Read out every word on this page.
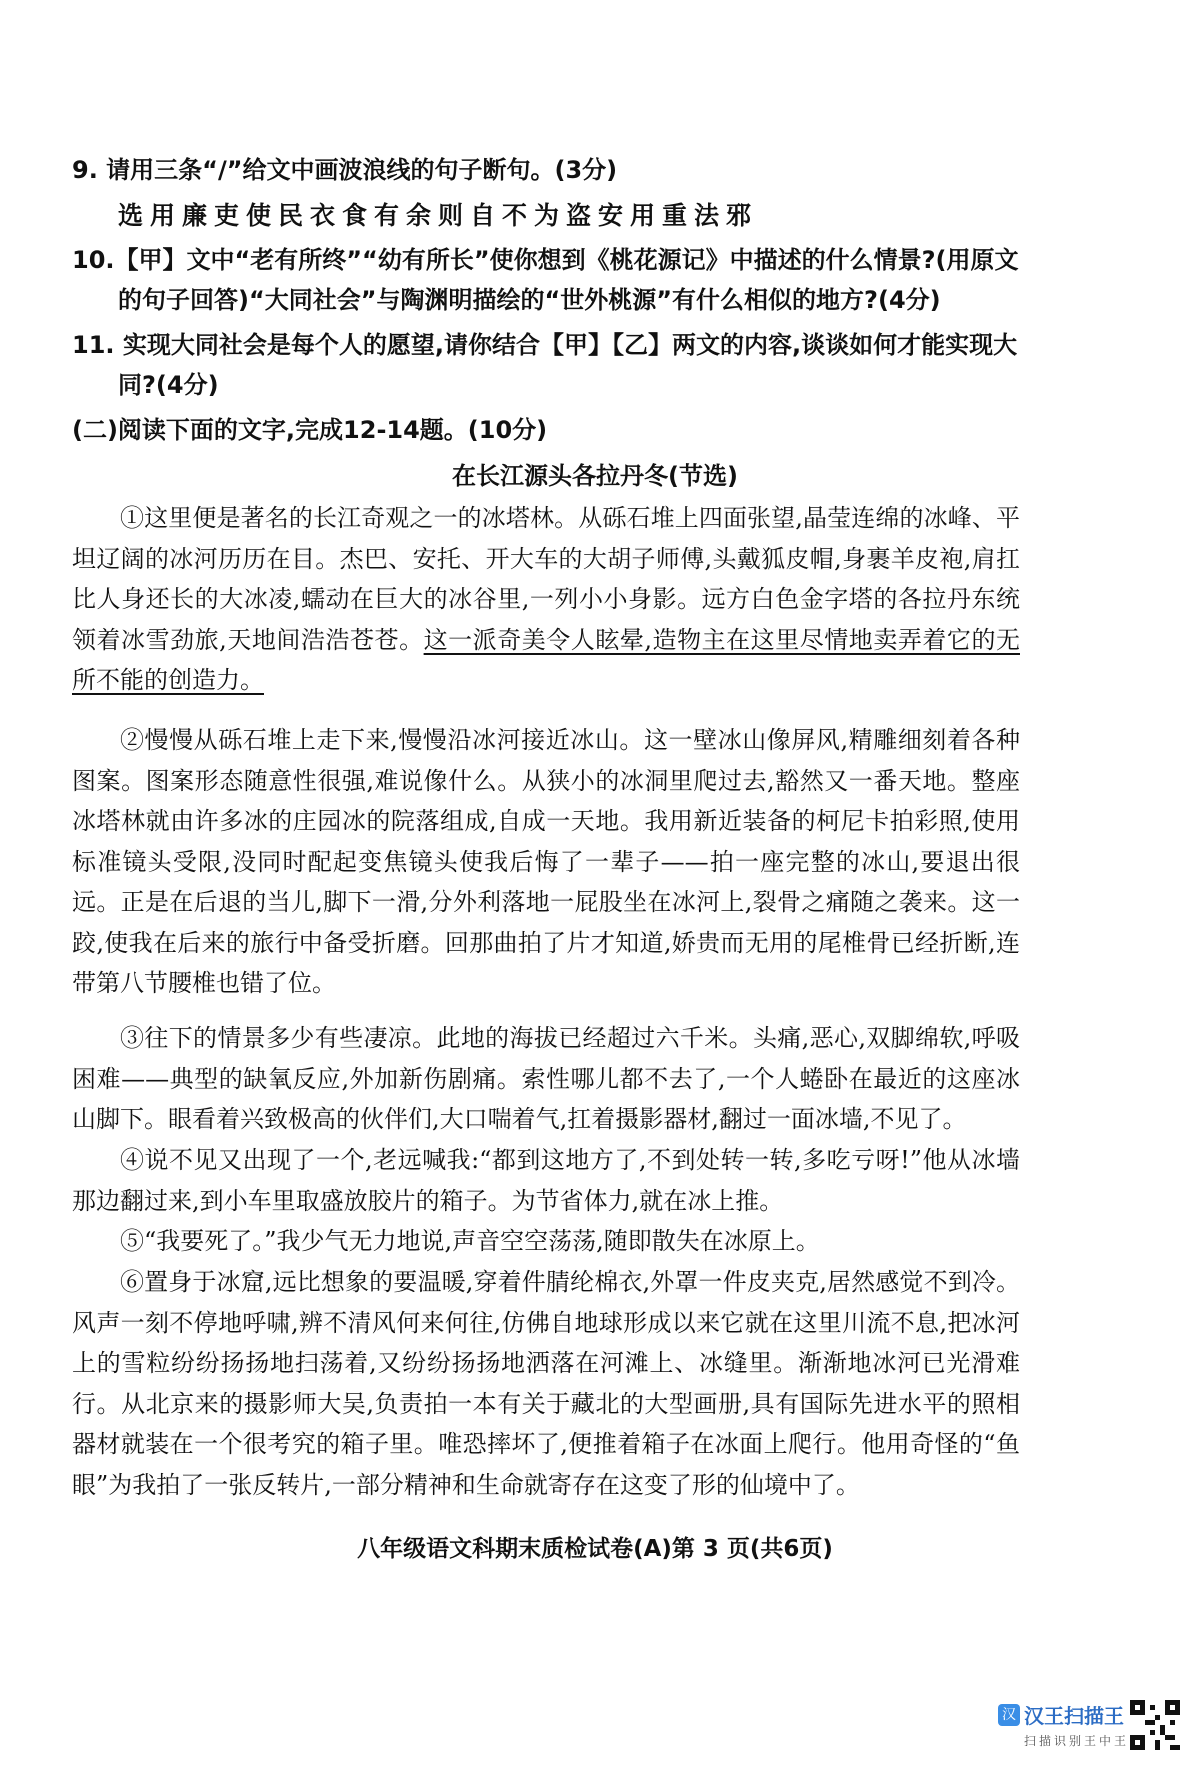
9. 请用三条“/”给文中画波浪线的句子断句。(3分)
选用廉吏使民衣食有余则自不为盗安用重法邪
10.【甲】文中“老有所终”“幼有所长”使你想到《桃花源记》中描述的什么情景?(用原文
的句子回答)“大同社会”与陶渊明描绘的“世外桃源”有什么相似的地方?(4分)
11. 实现大同社会是每个人的愿望,请你结合【甲】【乙】两文的内容,谈谈如何才能实现大
同?(4分)
(二)阅读下面的文字,完成12-14题。(10分)
在长江源头各拉丹冬(节选)
①这里便是著名的长江奇观之一的冰塔林。从砾石堆上四面张望,晶莹连绵的冰峰、平坦辽阔的冰河历历在目。杰巴、安托、开大车的大胡子师傅,头戴狐皮帽,身裹羊皮袍,肩扛比人身还长的大冰凌,蠕动在巨大的冰谷里,一列小小身影。远方白色金字塔的各拉丹东统领着冰雪劲旅,天地间浩浩苍苍。这一派奇美令人眩晕,造物主在这里尽情地卖弄着它的无所不能的创造力。
②慢慢从砾石堆上走下来,慢慢沿冰河接近冰山。这一壁冰山像屏风,精雕细刻着各种图案。图案形态随意性很强,难说像什么。从狭小的冰洞里爬过去,豁然又一番天地。整座冰塔林就由许多冰的庄园冰的院落组成,自成一天地。我用新近装备的柯尼卡拍彩照,使用标准镜头受限,没同时配起变焦镜头使我后悔了一辈子——拍一座完整的冰山,要退出很远。正是在后退的当儿,脚下一滑,分外利落地一屁股坐在冰河上,裂骨之痛随之袭来。这一跤,使我在后来的旅行中备受折磨。回那曲拍了片才知道,娇贵而无用的尾椎骨已经折断,连带第八节腰椎也错了位。
③往下的情景多少有些凄凉。此地的海拔已经超过六千米。头痛,恶心,双脚绵软,呼吸困难——典型的缺氧反应,外加新伤剧痛。索性哪儿都不去了,一个人蜷卧在最近的这座冰山脚下。眼看着兴致极高的伙伴们,大口喘着气,扛着摄影器材,翻过一面冰墙,不见了。
④说不见又出现了一个,老远喊我:“都到这地方了,不到处转一转,多吃亏呀!”他从冰墙那边翻过来,到小车里取盛放胶片的箱子。为节省体力,就在冰上推。
⑤“我要死了。”我少气无力地说,声音空空荡荡,随即散失在冰原上。
⑥置身于冰窟,远比想象的要温暖,穿着件腈纶棉衣,外罩一件皮夹克,居然感觉不到冷。风声一刻不停地呼啸,辨不清风何来何往,仿佛自地球形成以来它就在这里川流不息,把冰河上的雪粒纷纷扬扬地扫荡着,又纷纷扬扬地洒落在河滩上、冰缝里。渐渐地冰河已光滑难行。从北京来的摄影师大吴,负责拍一本有关于藏北的大型画册,具有国际先进水平的照相器材就装在一个很考究的箱子里。唯恐摔坏了,便推着箱子在冰面上爬行。他用奇怪的“鱼眼”为我拍了一张反转片,一部分精神和生命就寄存在这变了形的仙境中了。
八年级语文科期末质检试卷(A)第 3 页(共6页)
汉 汉王扫描王
扫描识别王中王
